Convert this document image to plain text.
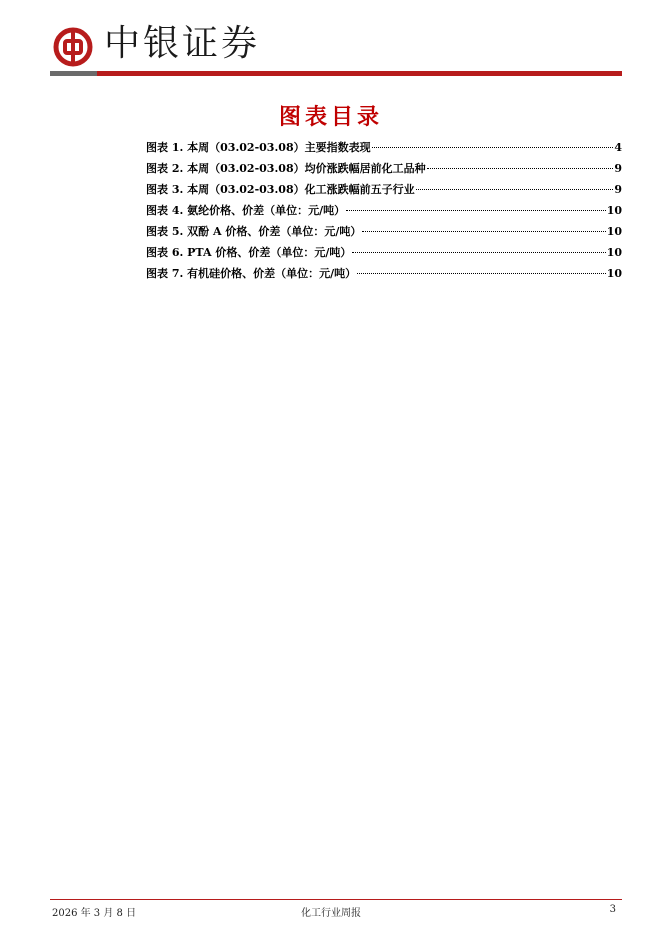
中银证券
图表目录
图表 1. 本周（03.02-03.08）主要指数表现	4
图表 2. 本周（03.02-03.08）均价涨跌幅居前化工品种	9
图表 3. 本周（03.02-03.08）化工涨跌幅前五子行业	9
图表 4. 氨纶价格、价差（单位：元/吨）	10
图表 5. 双酚 A 价格、价差（单位：元/吨）	10
图表 6. PTA 价格、价差（单位：元/吨）	10
图表 7. 有机硅价格、价差（单位：元/吨）	10
2026 年 3 月 8 日	化工行业周报	3
